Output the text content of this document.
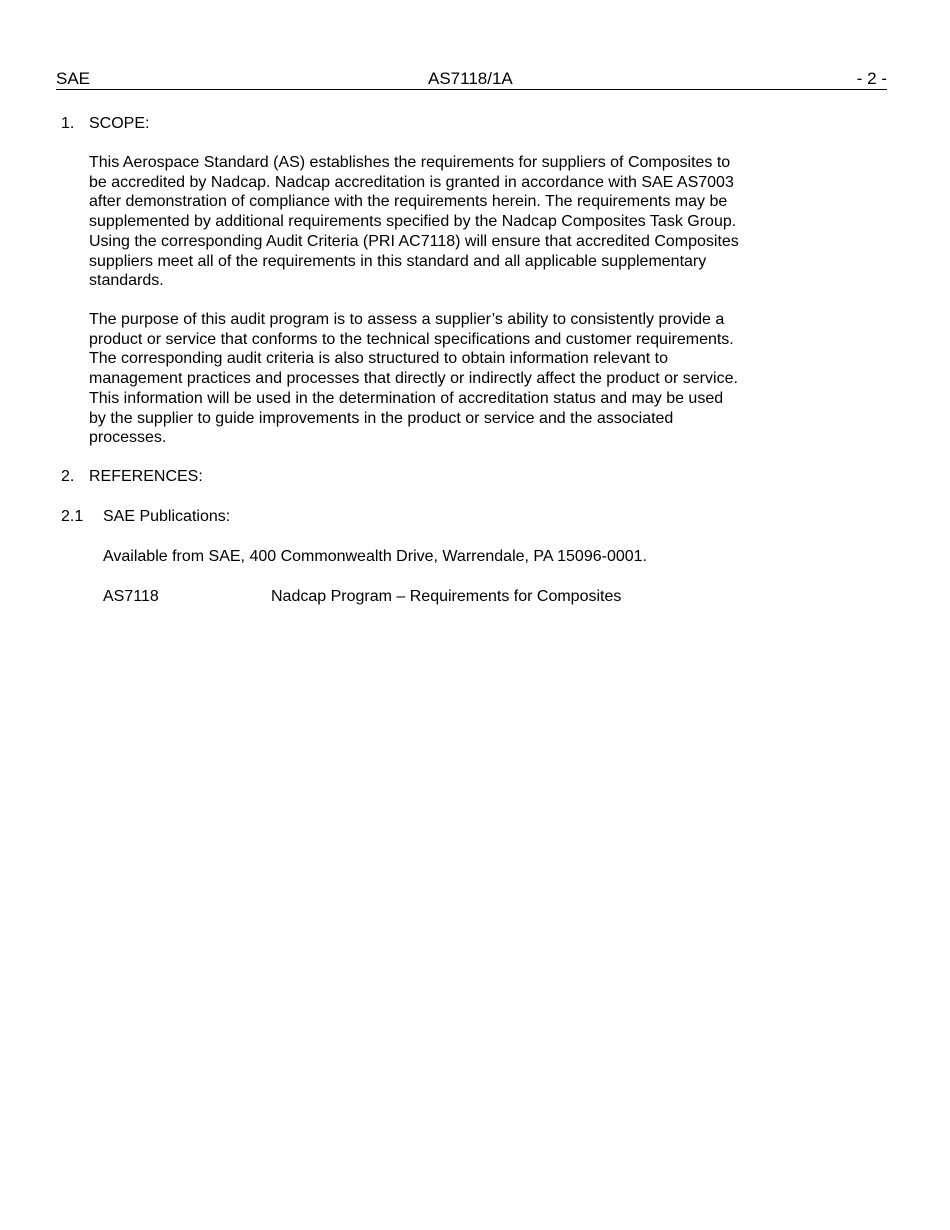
SAE	AS7118/1A	- 2 -
1. SCOPE:

This Aerospace Standard (AS) establishes the requirements for suppliers of Composites to
be accredited by Nadcap. Nadcap accreditation is granted in accordance with SAE AS7003
after demonstration of compliance with the requirements herein. The requirements may be
supplemented by additional requirements specified by the Nadcap Composites Task Group.
Using the corresponding Audit Criteria (PRI AC7118) will ensure that accredited Composites
suppliers meet all of the requirements in this standard and all applicable supplementary
standards.

The purpose of this audit program is to assess a supplier’s ability to consistently provide a
product or service that conforms to the technical specifications and customer requirements.
The corresponding audit criteria is also structured to obtain information relevant to
management practices and processes that directly or indirectly affect the product or service.
This information will be used in the determination of accreditation status and may be used
by the supplier to guide improvements in the product or service and the associated
processes.

2. REFERENCES:
2.1 SAE Publications:
Available from SAE, 400 Commonwealth Drive, Warrendale, PA 15096-0001.
AS7118	Nadcap Program – Requirements for Composites
